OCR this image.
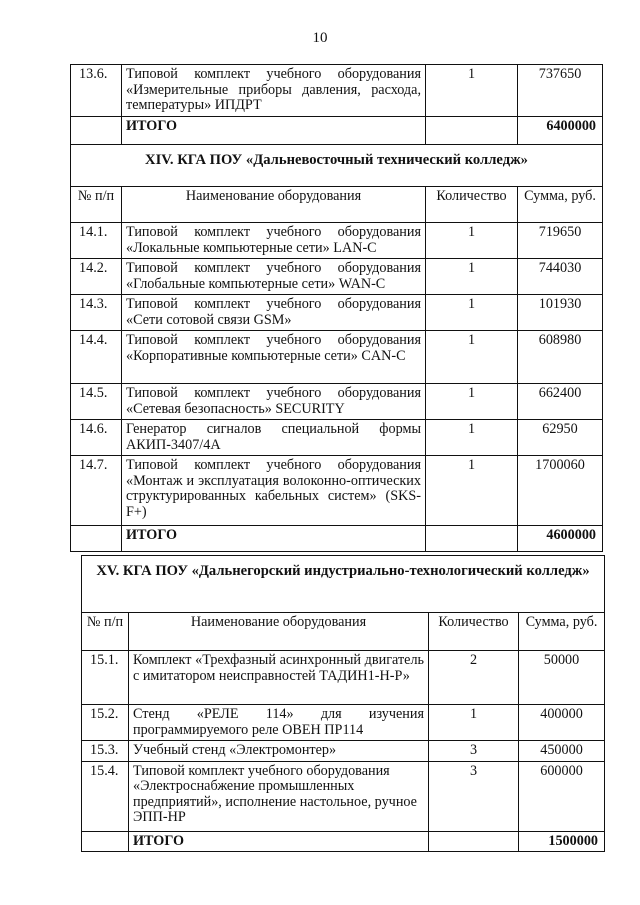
10
13.6.	Типовой комплект учебного оборудования «Измерительные приборы давления, расхода, температуры» ИПДРТ	1	737650
	ИТОГО		6400000
XIV. КГА ПОУ «Дальневосточный технический колледж»			
№ п/п	Наименование оборудования	Количество	Сумма, руб.
14.1.	Типовой комплект учебного оборудования «Локальные компьютерные сети» LAN-C	1	719650
14.2.	Типовой комплект учебного оборудования «Глобальные компьютерные сети» WAN-C	1	744030
14.3.	Типовой комплект учебного оборудования «Сети сотовой связи GSM»	1	101930
14.4.	Типовой комплект учебного оборудования «Корпоративные компьютерные сети» CAN-C	1	608980
14.5.	Типовой комплект учебного оборудования «Сетевая безопасность» SECURITY	1	662400
14.6.	Генератор сигналов специальной формы АКИП-3407/4А	1	62950
14.7.	Типовой комплект учебного оборудования «Монтаж и эксплуатация волоконно-оптических структурированных кабельных систем» (SKS-F+)	1	1700060
	ИТОГО		4600000
XV. КГА ПОУ «Дальнегорский индустриально-технологический колледж»			
№ п/п	Наименование оборудования	Количество	Сумма, руб.
15.1.	Комплект «Трехфазный асинхронный двигатель с имитатором неисправностей ТАДИН1-Н-Р»	2	50000
15.2.	Стенд «РЕЛЕ 114» для изучения программируемого реле ОВЕН ПР114	1	400000
15.3.	Учебный стенд «Электромонтер»	3	450000
15.4.	Типовой комплект учебного оборудования «Электроснабжение промышленных предприятий», исполнение настольное, ручное ЭПП-НР	3	600000
	ИТОГО		1500000
